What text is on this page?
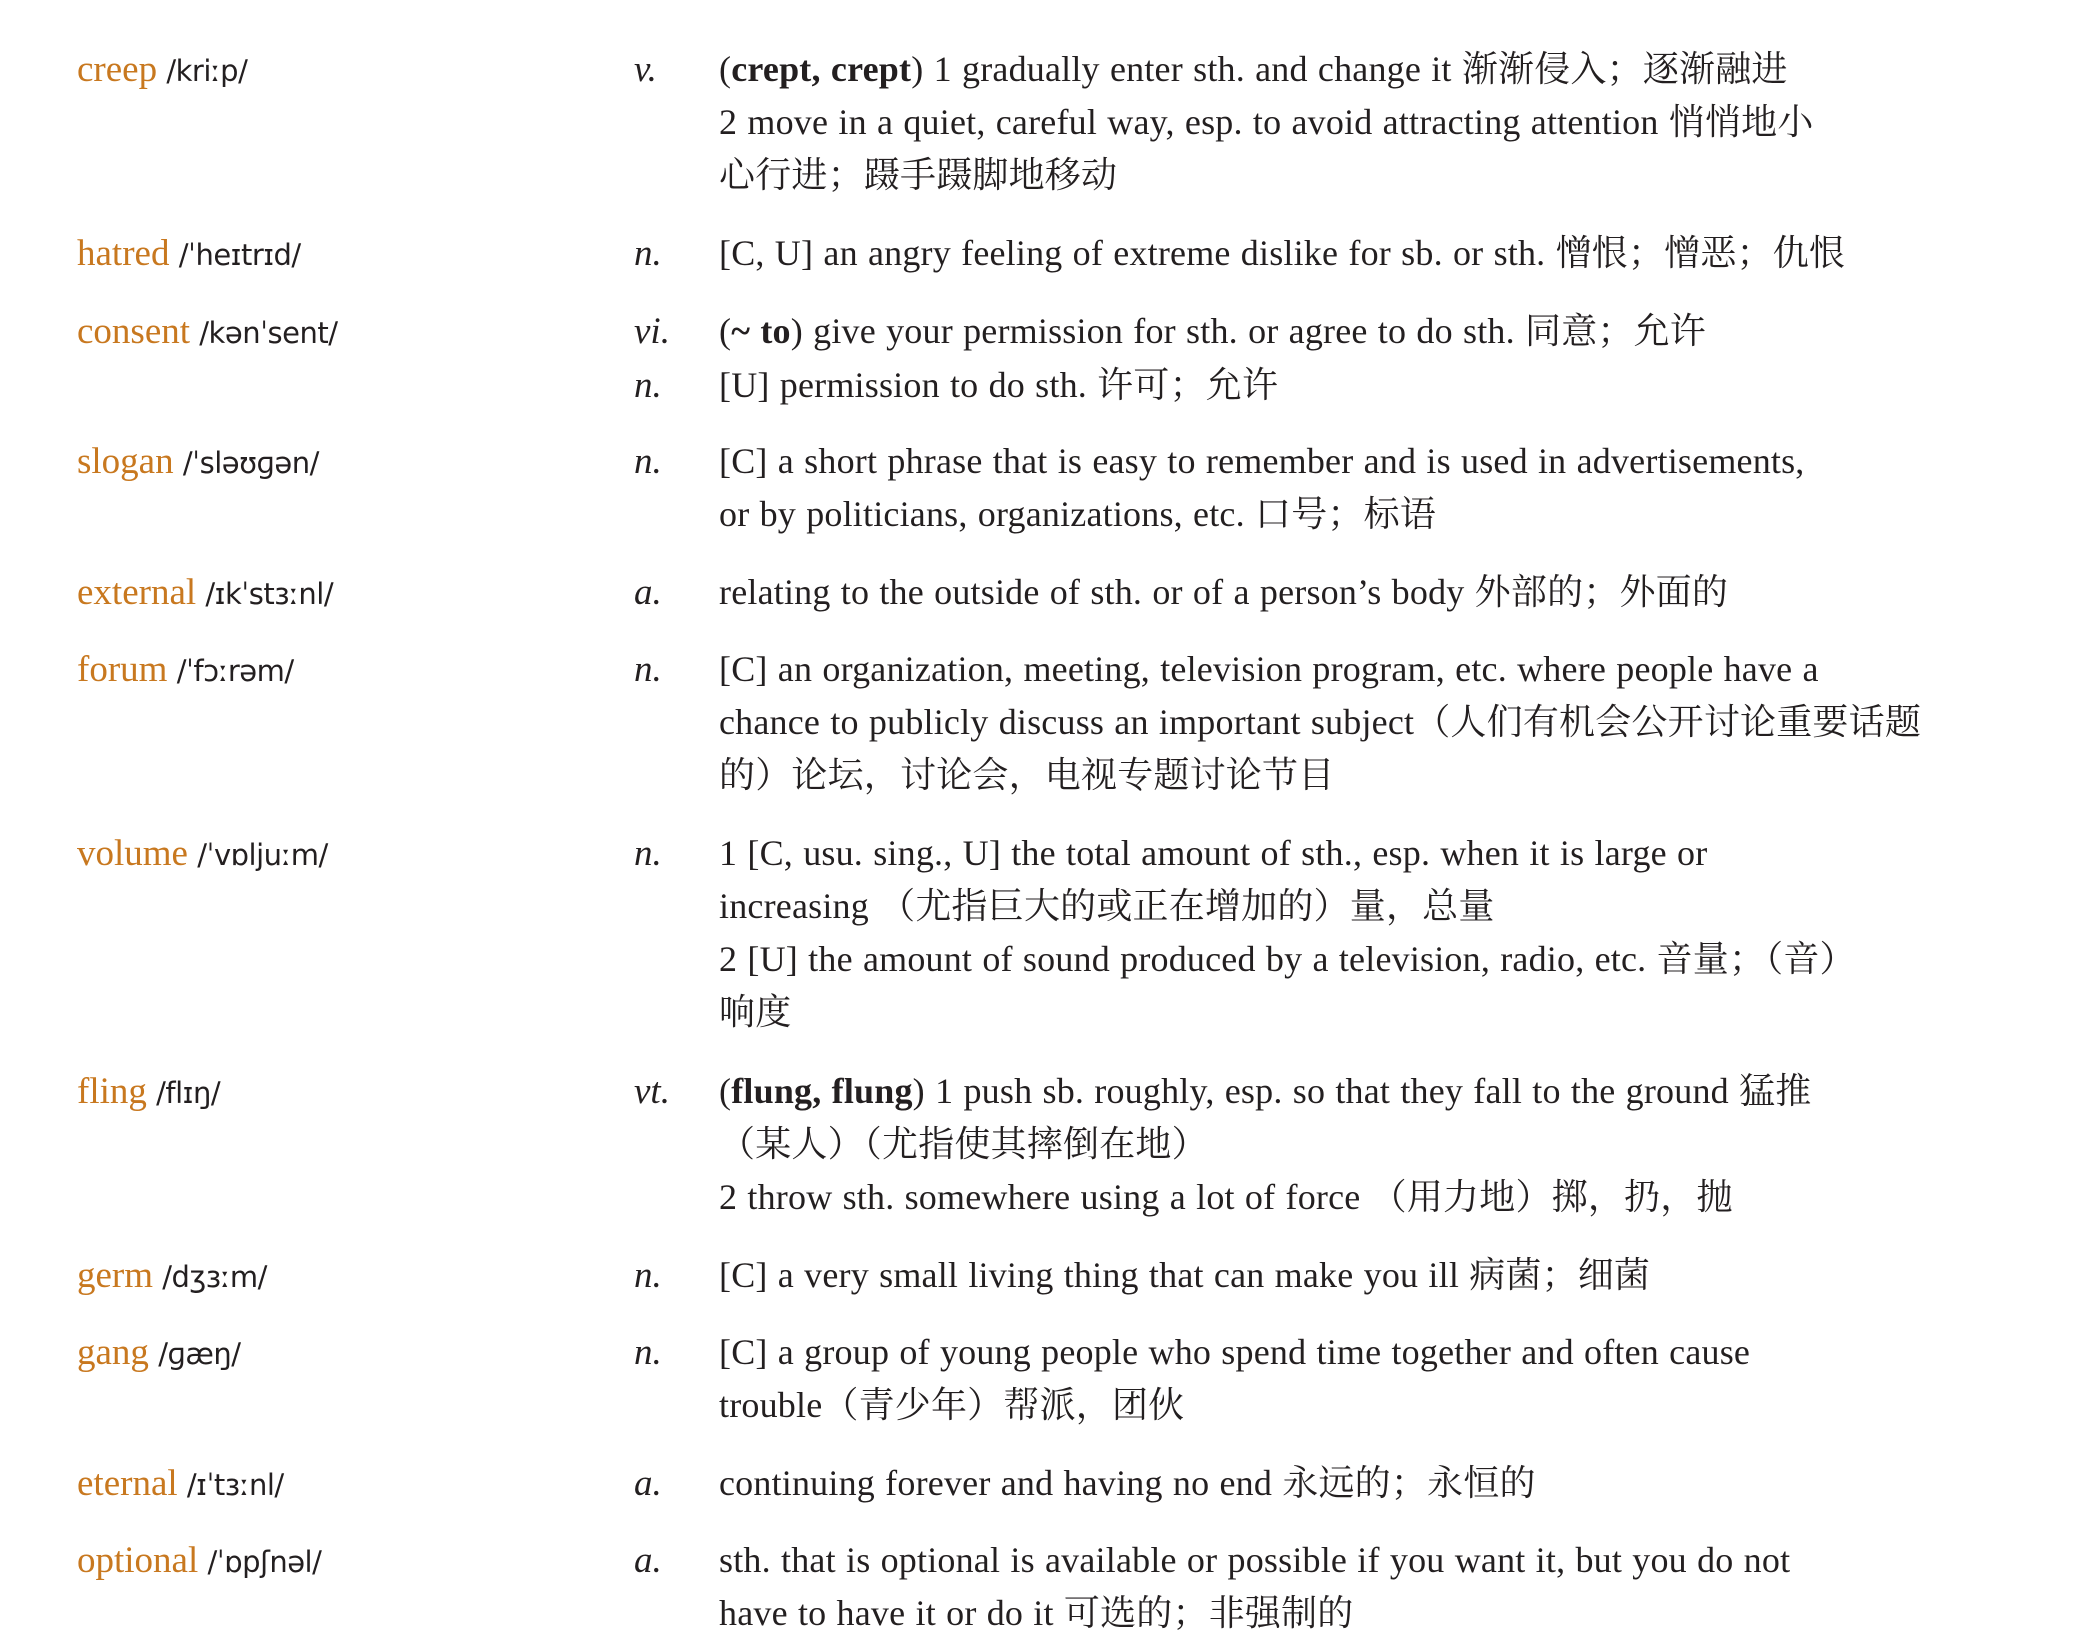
creep /kriːp/	v. (crept, crept) 1 gradually enter sth. and change it 渐渐侵入；逐渐融进
2 move in a quiet, careful way, esp. to avoid attracting attention 悄悄地小
心行进；蹑手蹑脚地移动
hatred /ˈheɪtrɪd/	n. [C, U] an angry feeling of extreme dislike for sb. or sth. 憎恨；憎恶；仇恨
consent /kənˈsent/	vi. (~ to) give your permission for sth. or agree to do sth. 同意；允许
n. [U] permission to do sth. 许可；允许
slogan /ˈsləʊɡən/	n. [C] a short phrase that is easy to remember and is used in advertisements,
or by politicians, organizations, etc. 口号；标语
external /ɪkˈstɜːnl/	a. relating to the outside of sth. or of a person’s body 外部的；外面的
forum /ˈfɔːrəm/	n. [C] an organization, meeting, television program, etc. where people have a
chance to publicly discuss an important subject（人们有机会公开讨论重要话题
的）论坛，讨论会，电视专题讨论节目
volume /ˈvɒljuːm/	n. 1 [C, usu. sing., U] the total amount of sth., esp. when it is large or
increasing （尤指巨大的或正在增加的）量，总量
2 [U] the amount of sound produced by a television, radio, etc. 音量；（音）
响度
fling /flɪŋ/	vt. (flung, flung) 1 push sb. roughly, esp. so that they fall to the ground 猛推
（某人）（尤指使其摔倒在地）
2 throw sth. somewhere using a lot of force （用力地）掷，扔，抛
germ /dʒɜːm/	n. [C] a very small living thing that can make you ill 病菌；细菌
gang /ɡæŋ/	n. [C] a group of young people who spend time together and often cause
trouble（青少年）帮派，团伙
eternal /ɪˈtɜːnl/	a. continuing forever and having no end 永远的；永恒的
optional /ˈɒpʃnəl/	a. sth. that is optional is available or possible if you want it, but you do not
have to have it or do it 可选的；非强制的
